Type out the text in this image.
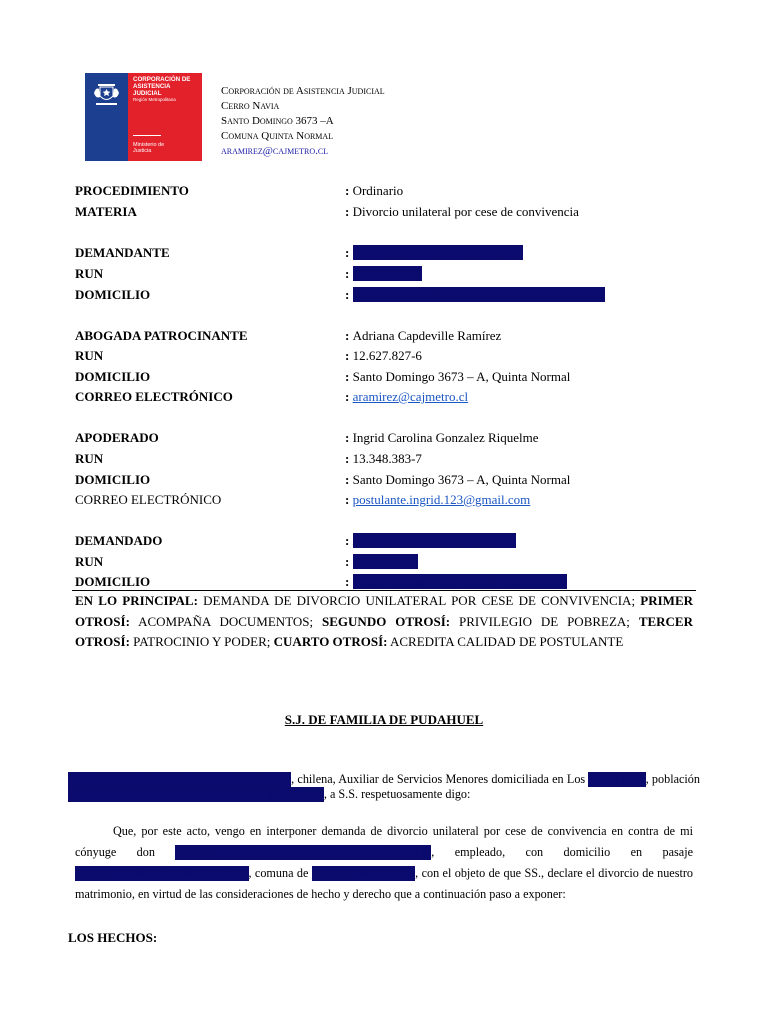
CORPORACIÓN DE
ASISTENCIA
JUDICIAL
Región Metropolitana
Ministerio de
Justicia
Corporación de Asistencia Judicial
Cerro Navia
Santo Domingo 3673 –A
Comuna Quinta Normal
aramirez@cajmetro.cl
PROCEDIMIENTO	: Ordinario
MATERIA	: Divorcio unilateral por cese de convivencia
DEMANDANTE	: Cecilia Adriana Abrigo Guerrero
RUN	: 10.000.000-0
DOMICILIO	: Los Lagos 1747, población Huamachuco, Renca
ABOGADA PATROCINANTE	: Adriana Capdeville Ramírez
RUN	: 12.627.827-6
DOMICILIO	: Santo Domingo 3673 – A, Quinta Normal
CORREO ELECTRÓNICO	: aramirez@cajmetro.cl
APODERADO	: Ingrid Carolina Gonzalez Riquelme
RUN	: 13.348.383-7
DOMICILIO	: Santo Domingo 3673 – A, Quinta Normal
CORREO ELECTRÓNICO	: postulante.ingrid.123@gmail.com
DEMANDADO	: Alfredo Osvaldo Rivas Carrillo
RUN	: 7.000.000-K
DOMICILIO	: Pasaje Laguna Verde 8361, Pudahuel Sur
EN LO PRINCIPAL: DEMANDA DE DIVORCIO UNILATERAL POR CESE DE CONVIVENCIA; PRIMER OTROSÍ: ACOMPAÑA DOCUMENTOS; SEGUNDO OTROSÍ: PRIVILEGIO DE POBREZA; TERCER OTROSÍ: PATROCINIO Y PODER; CUARTO OTROSÍ: ACREDITA CALIDAD DE POSTULANTE
S.J. DE FAMILIA DE PUDAHUEL
CECILIA ADRIANA ABRIGO GUERRERO, chilena, Auxiliar de Servicios Menores domiciliada en Los Lagos 1747, población Huamachuco, comuna de Renca, ciudad de Santiago, a S.S. respetuosamente digo:
Que, por este acto, vengo en interponer demanda de divorcio unilateral por cese de convivencia en contra de mi cónyuge don	ALFREDO OSVALDO RIVAS CARRILLO, empleado, con domicilio en pasaje Laguna Verde número 8361, comuna de	Pudahuel Sur, con el objeto de que SS., declare el divorcio de nuestro matrimonio, en virtud de las consideraciones de hecho y derecho que a continuación paso a exponer:
LOS HECHOS:
